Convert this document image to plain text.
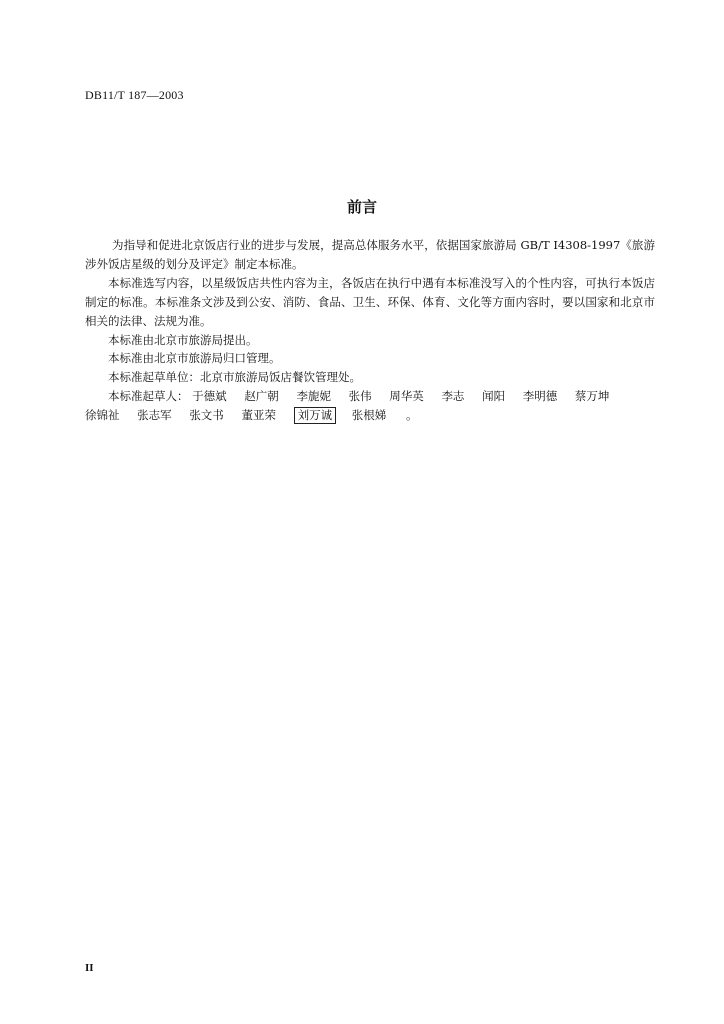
DB11/T 187—2003
前言

为指导和促进北京饭店行业的进步与发展，提高总体服务水平，依据国家旅游局 GB/T I4308-1997《旅游涉外饭店星级的划分及评定》制定本标准。

本标准选写内容，以星级饭店共性内容为主，各饭店在执行中遇有本标准没写入的个性内容，可执行本饭店制定的标准。本标准条文涉及到公安、消防、食品、卫生、环保、体育、文化等方面内容时，要以国家和北京市相关的法律、法规为准。

本标准由北京市旅游局提出。

本标准由北京市旅游局归口管理。

本标准起草单位：北京市旅游局饭店餐饮管理处。

本标准起草人： 于德斌 赵广朝 李旎妮 张伟 周华英 李志 闻阳 李明德 蔡万坤 徐锦祉 张志军 张文书 董亚荣 刘万诚 张根娣 。

II
